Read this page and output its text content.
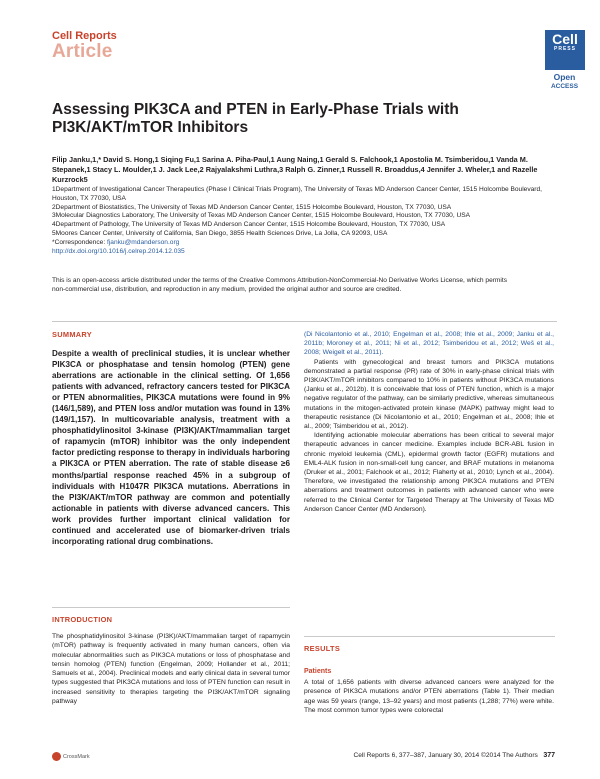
Cell Reports
Article
Cell
PRESS
Open
ACCESS
Assessing PIK3CA and PTEN in Early-Phase Trials with PI3K/AKT/mTOR Inhibitors
Filip Janku,1,* David S. Hong,1 Siqing Fu,1 Sarina A. Piha-Paul,1 Aung Naing,1 Gerald S. Falchook,1 Apostolia M. Tsimberidou,1 Vanda M. Stepanek,1 Stacy L. Moulder,1 J. Jack Lee,2 Rajyalakshmi Luthra,3 Ralph G. Zinner,1 Russell R. Broaddus,4 Jennifer J. Wheler,1 and Razelle Kurzrock5
1Department of Investigational Cancer Therapeutics (Phase I Clinical Trials Program), The University of Texas MD Anderson Cancer Center, 1515 Holcombe Boulevard, Houston, TX 77030, USA
2Department of Biostatistics, The University of Texas MD Anderson Cancer Center, 1515 Holcombe Boulevard, Houston, TX 77030, USA
3Molecular Diagnostics Laboratory, The University of Texas MD Anderson Cancer Center, 1515 Holcombe Boulevard, Houston, TX 77030, USA
4Department of Pathology, The University of Texas MD Anderson Cancer Center, 1515 Holcombe Boulevard, Houston, TX 77030, USA
5Moores Cancer Center, University of California, San Diego, 3855 Health Sciences Drive, La Jolla, CA 92093, USA
*Correspondence: fjanku@mdanderson.org
http://dx.doi.org/10.1016/j.celrep.2014.12.035
This is an open-access article distributed under the terms of the Creative Commons Attribution-NonCommercial-No Derivative Works License, which permits non-commercial use, distribution, and reproduction in any medium, provided the original author and source are credited.
SUMMARY
Despite a wealth of preclinical studies, it is unclear whether PIK3CA or phosphatase and tensin homolog (PTEN) gene aberrations are actionable in the clinical setting. Of 1,656 patients with advanced, refractory cancers tested for PIK3CA or PTEN abnormalities, PIK3CA mutations were found in 9% (146/1,589), and PTEN loss and/or mutation was found in 13% (149/1,157). In multicovariable analysis, treatment with a phosphatidylinositol 3-kinase (PI3K)/AKT/mammalian target of rapamycin (mTOR) inhibitor was the only independent factor predicting response to therapy in individuals harboring a PIK3CA or PTEN aberration. The rate of stable disease ≥6 months/partial response reached 45% in a subgroup of individuals with H1047R PIK3CA mutations. Aberrations in the PI3K/AKT/mTOR pathway are common and potentially actionable in patients with diverse advanced cancers. This work provides further important clinical validation for continued and accelerated use of biomarker-driven trials incorporating rational drug combinations.
INTRODUCTION
The phosphatidylinositol 3-kinase (PI3K)/AKT/mammalian target of rapamycin (mTOR) pathway is frequently activated in many human cancers, often via molecular abnormalities such as PIK3CA mutations or loss of phosphatase and tensin homolog (PTEN) function (Engelman, 2009; Hollander et al., 2011; Samuels et al., 2004). Preclinical models and early clinical data in several tumor types suggested that PIK3CA mutations and loss of PTEN function can result in increased sensitivity to therapies targeting the PI3K/AKT/mTOR signaling pathway

(Di Nicolantonio et al., 2010; Engelman et al., 2008; Ihle et al., 2009; Janku et al., 2011b; Moroney et al., 2011; Ni et al., 2012; Tsimberidou et al., 2012; Weš et al., 2008; Weigelt et al., 2011).

Patients with gynecological and breast tumors and PIK3CA mutations demonstrated a partial response (PR) rate of 30% in early-phase clinical trials with PI3K/AKT/mTOR inhibitors compared to 10% in patients without PIK3CA mutations (Janku et al., 2012b). It is conceivable that loss of PTEN function, which is a major negative regulator of the pathway, can be similarly predictive, whereas simultaneous mutations in the mitogen-activated protein kinase (MAPK) pathway might lead to therapeutic resistance (Di Nicolantonio et al., 2010; Engelman et al., 2008; Ihle et al., 2009; Tsimberidou et al., 2012).

Identifying actionable molecular aberrations has been critical to several major therapeutic advances in cancer medicine. Examples include BCR-ABL fusion in chronic myeloid leukemia (CML), epidermal growth factor (EGFR) mutations and EML4-ALK fusion in non-small-cell lung cancer, and BRAF mutations in melanoma (Druker et al., 2001; Falchook et al., 2012; Flaherty et al., 2010; Lynch et al., 2004). Therefore, we investigated the relationship among PIK3CA mutations and PTEN aberrations and treatment outcomes in patients with advanced cancer who were referred to the Clinical Center for Targeted Therapy at The University of Texas MD Anderson Cancer Center (MD Anderson).

RESULTS
Patients
A total of 1,656 patients with diverse advanced cancers were analyzed for the presence of PIK3CA mutations and/or PTEN aberrations (Table 1). Their median age was 59 years (range, 13–92 years) and most patients (1,288; 77%) were white. The most common tumor types were colorectal
CrossMark	Cell Reports 6, 377–387, January 30, 2014 ©2014 The Authors 377
